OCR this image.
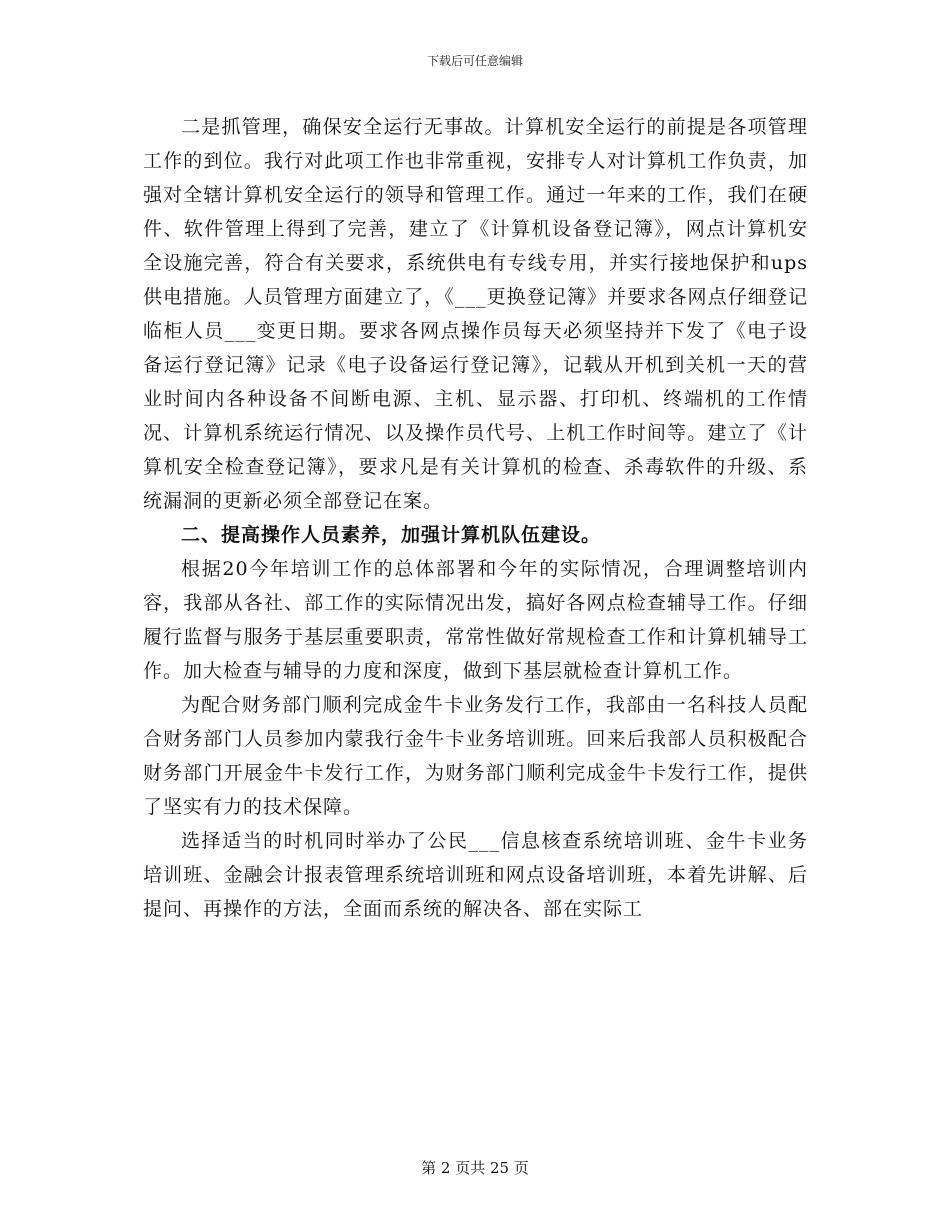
下载后可任意编辑

二是抓管理，确保安全运行无事故。计算机安全运行的前提是各项管理工作的到位。我行对此项工作也非常重视，安排专人对计算机工作负责，加强对全辖计算机安全运行的领导和管理工作。通过一年来的工作，我们在硬件、软件管理上得到了完善，建立了《计算机设备登记簿》，网点计算机安全设施完善，符合有关要求，系统供电有专线专用，并实行接地保护和ups供电措施。人员管理方面建立了，《___更换登记簿》并要求各网点仔细登记临柜人员___变更日期。要求各网点操作员每天必须坚持并下发了《电子设备运行登记簿》记录《电子设备运行登记簿》，记载从开机到关机一天的营业时间内各种设备不间断电源、主机、显示器、打印机、终端机的工作情况、计算机系统运行情况、以及操作员代号、上机工作时间等。建立了《计算机安全检查登记簿》，要求凡是有关计算机的检查、杀毒软件的升级、系统漏洞的更新必须全部登记在案。

二、提高操作人员素养，加强计算机队伍建设。

根据20今年培训工作的总体部署和今年的实际情况，合理调整培训内容，我部从各社、部工作的实际情况出发，搞好各网点检查辅导工作。仔细履行监督与服务于基层重要职责，常常性做好常规检查工作和计算机辅导工作。加大检查与辅导的力度和深度，做到下基层就检查计算机工作。

为配合财务部门顺利完成金牛卡业务发行工作，我部由一名科技人员配合财务部门人员参加内蒙我行金牛卡业务培训班。回来后我部人员积极配合财务部门开展金牛卡发行工作，为财务部门顺利完成金牛卡发行工作，提供了坚实有力的技术保障。

选择适当的时机同时举办了公民___信息核查系统培训班、金牛卡业务培训班、金融会计报表管理系统培训班和网点设备培训班，本着先讲解、后提问、再操作的方法，全面而系统的解决各、部在实际工

第 2 页共 25 页
